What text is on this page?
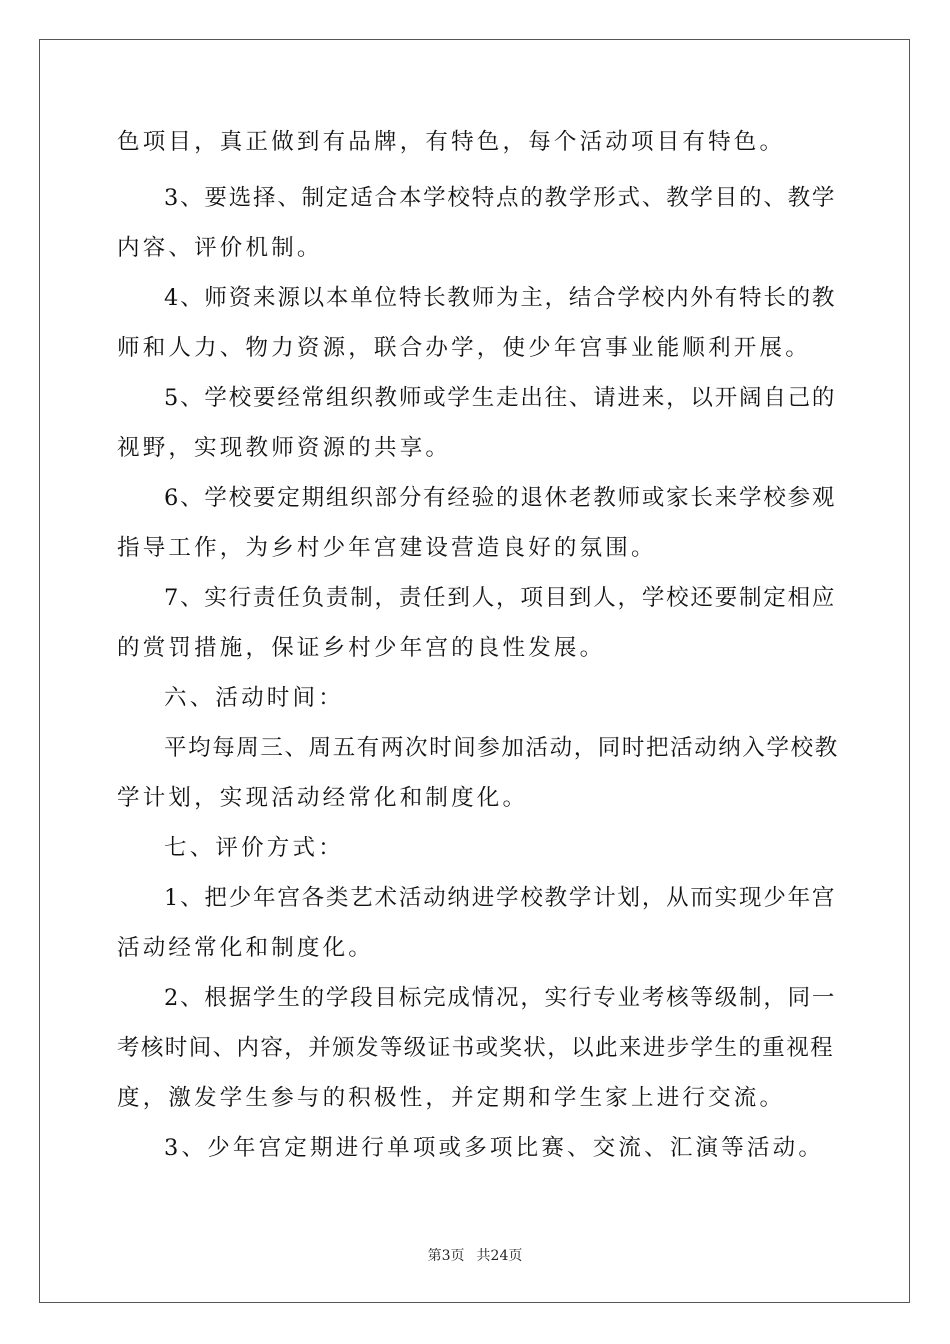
色项目，真正做到有品牌，有特色，每个活动项目有特色。
3、要选择、制定适合本学校特点的教学形式、教学目的、教学
内容、评价机制。
4、师资来源以本单位特长教师为主，结合学校内外有特长的教
师和人力、物力资源，联合办学，使少年宫事业能顺利开展。
5、学校要经常组织教师或学生走出往、请进来，以开阔自己的
视野，实现教师资源的共享。
6、学校要定期组织部分有经验的退休老教师或家长来学校参观
指导工作，为乡村少年宫建设营造良好的氛围。
7、实行责任负责制，责任到人，项目到人，学校还要制定相应
的赏罚措施，保证乡村少年宫的良性发展。
六、活动时间：
平均每周三、周五有两次时间参加活动，同时把活动纳入学校教
学计划，实现活动经常化和制度化。
七、评价方式：
1、把少年宫各类艺术活动纳进学校教学计划，从而实现少年宫
活动经常化和制度化。
2、根据学生的学段目标完成情况，实行专业考核等级制，同一
考核时间、内容，并颁发等级证书或奖状，以此来进步学生的重视程
度，激发学生参与的积极性，并定期和学生家上进行交流。
3、少年宫定期进行单项或多项比赛、交流、汇演等活动。
第3页 共24页
